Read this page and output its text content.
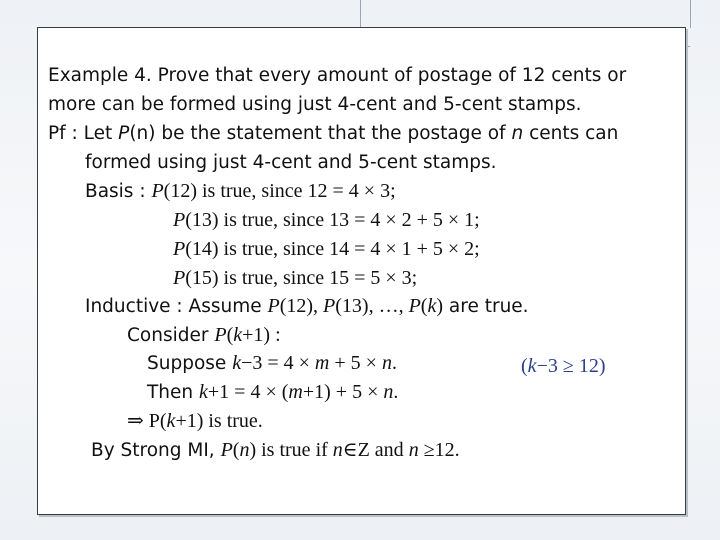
Example 4. Prove that every amount of postage of 12 cents or
more can be formed using just 4-cent and 5-cent stamps.
Pf : Let P(n) be the statement that the postage of n cents can
formed using just 4-cent and 5-cent stamps.
Basis : P(12) is true, since 12 = 4 × 3;
P(13) is true, since 13 = 4 × 2 + 5 × 1;
P(14) is true, since 14 = 4 × 1 + 5 × 2;
P(15) is true, since 15 = 5 × 3;
Inductive : Assume P(12), P(13), …, P(k) are true.
Consider P(k+1) :
Suppose k−3 = 4 × m + 5 × n.	(k−3 ≥ 12)
Then k+1 = 4 × (m+1) + 5 × n.
⇒ P(k+1) is true.
By Strong MI, P(n) is true if n∈Z and n ≥12.
